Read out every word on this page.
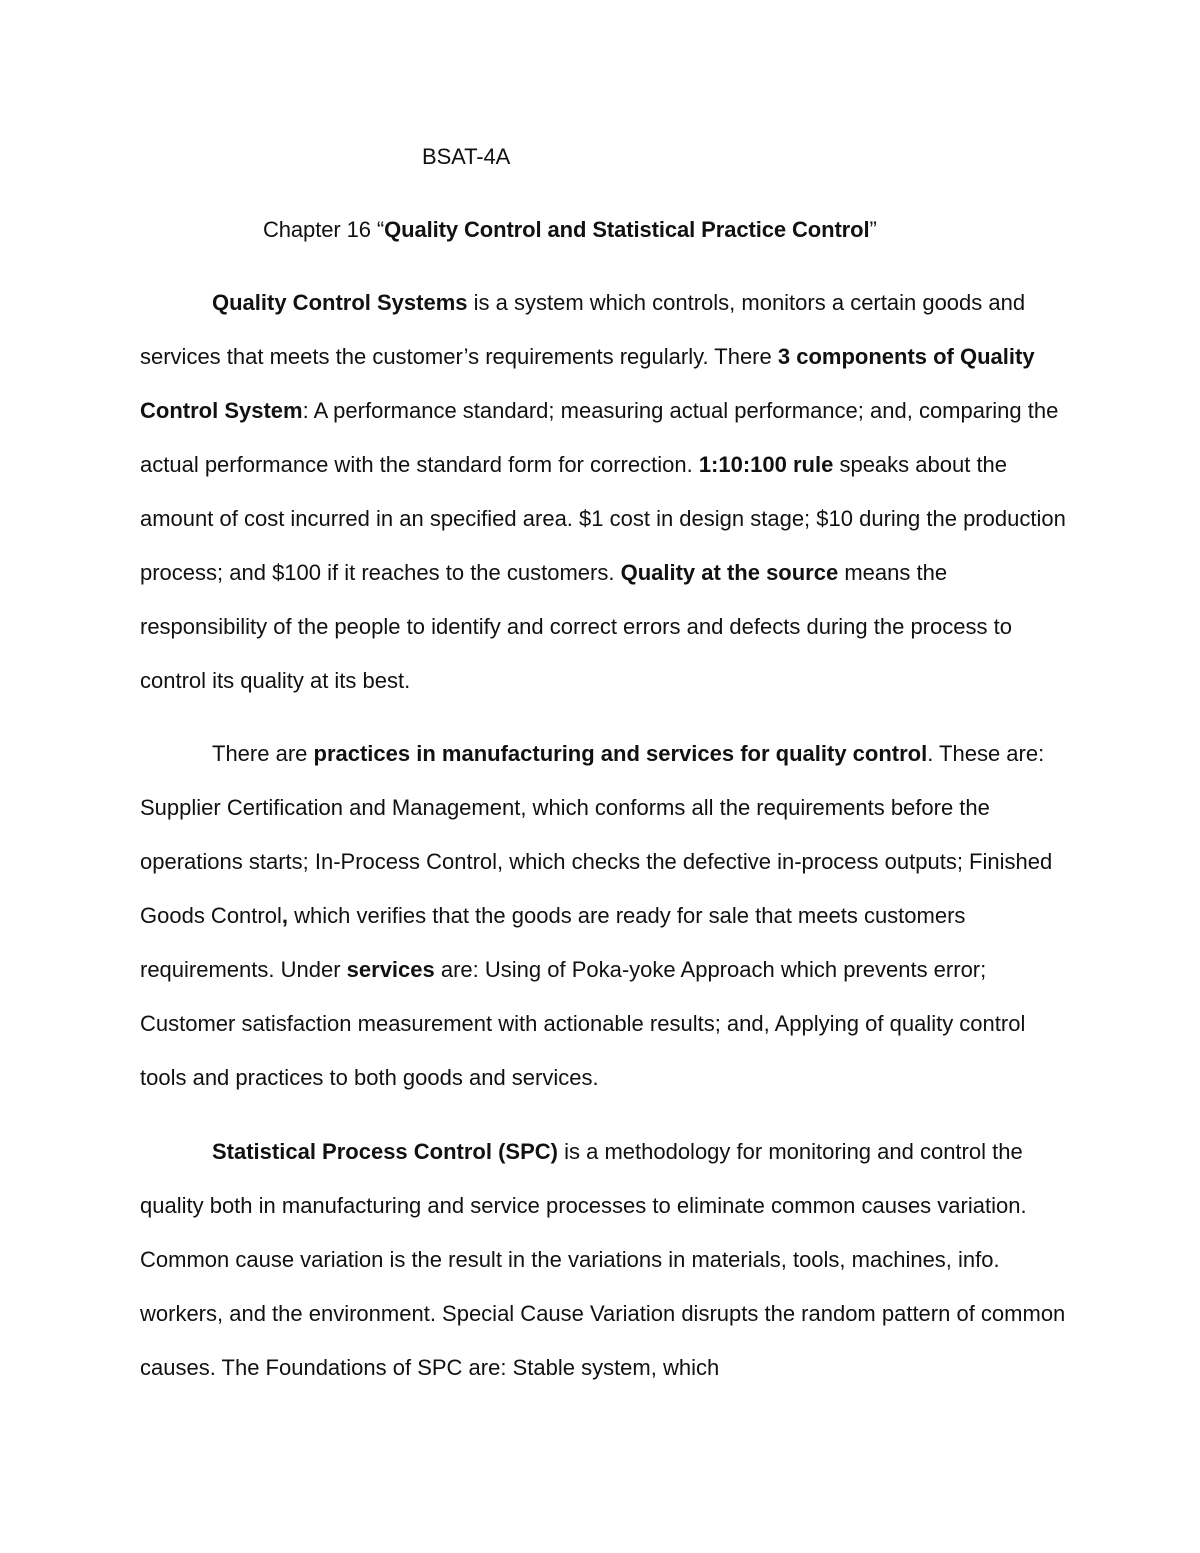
BSAT-4A
Chapter 16 “Quality Control and Statistical Practice Control”

Quality Control Systems is a system which controls, monitors a certain goods and services that meets the customer’s requirements regularly. There 3 components of Quality Control System: A performance standard; measuring actual performance; and, comparing the actual performance with the standard form for correction. 1:10:100 rule speaks about the amount of cost incurred in an specified area. $1 cost in design stage; $10 during the production process; and $100 if it reaches to the customers. Quality at the source means the responsibility of the people to identify and correct errors and defects during the process to control its quality at its best.

There are practices in manufacturing and services for quality control. These are: Supplier Certification and Management, which conforms all the requirements before the operations starts; In-Process Control, which checks the defective in-process outputs; Finished Goods Control, which verifies that the goods are ready for sale that meets customers requirements. Under services are: Using of Poka-yoke Approach which prevents error; Customer satisfaction measurement with actionable results; and, Applying of quality control tools and practices to both goods and services.

Statistical Process Control (SPC) is a methodology for monitoring and control the quality both in manufacturing and service processes to eliminate common causes variation. Common cause variation is the result in the variations in materials, tools, machines, info. workers, and the environment. Special Cause Variation disrupts the random pattern of common causes. The Foundations of SPC are: Stable system, which
